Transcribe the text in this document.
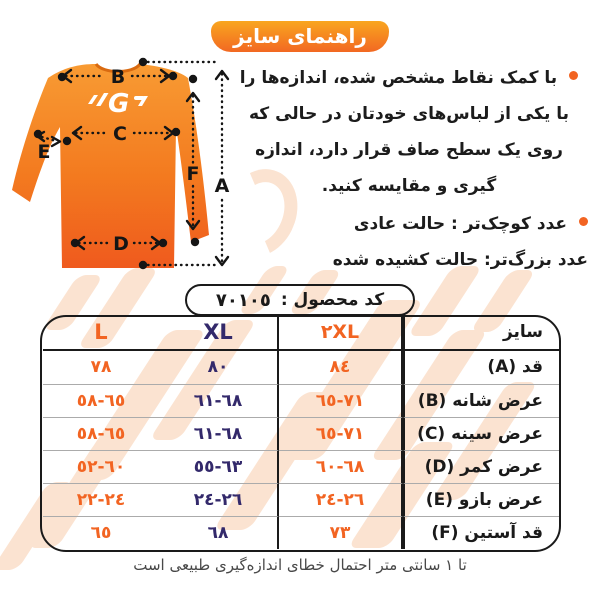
راهنمای سایز
G
B
C
D
E
F
A

با کمک نقاط مشخص شده، اندازه‌ها را با یکی از لباس‌های خودتان در حالی که روی یک سطح صاف قرار دارد، اندازه گیری و مقایسه کنید.

عدد کوچک‌تر : حالت عادی
عدد بزرگ‌تر: حالت کشیده شده

کد محصول :
٧۰١۰٥
سایز
٢XL
XL
L
قد (A)
٨٤
٨۰
٧٨
عرض شانه (B)
٦٥-٧١
٦١-٦٨
٥٨-٦٥
عرض سینه (C)
٦٥-٧١
٦١-٦٨
٥٨-٦٥
عرض کمر (D)
٦۰-٦٨
٥٥-٦٣
٥٢-٦۰
عرض بازو (E)
٢٤-٢٦
٢٤-٢٦
٢٢-٢٤
قد آستین (F)
٧٣
٦٨
٦٥
تا ١ سانتی متر احتمال خطای اندازه‌گیری طبیعی است
